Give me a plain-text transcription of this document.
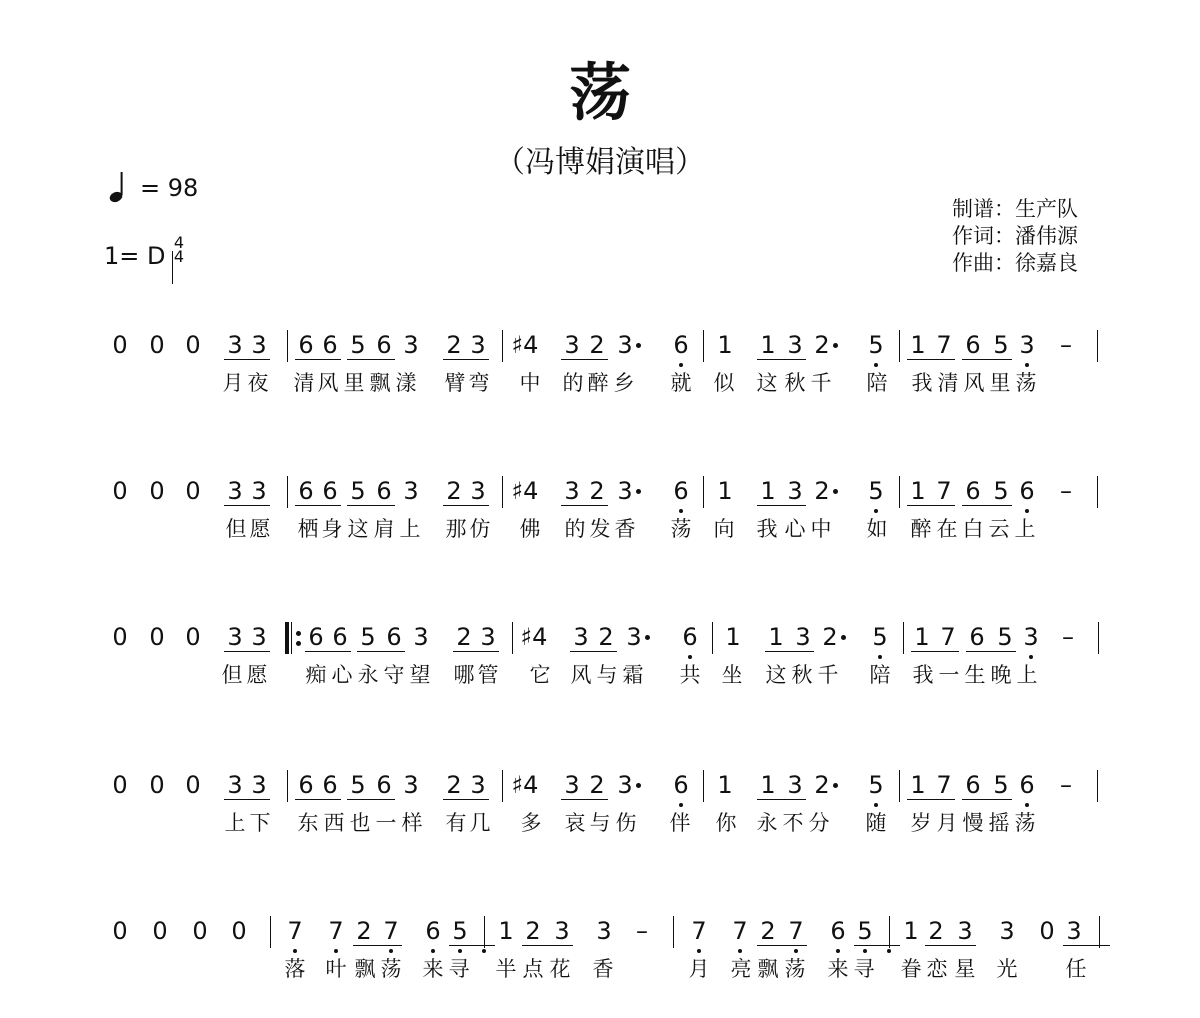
荡
（冯博娟演唱）
= 98
1= D 4
4
制谱：生产队
作词：潘伟源
作曲：徐嘉良
0 0 0 3 3 6 6 5 6 3 2 3 ♯4 3 2 3 6 1 1 3 2 5 1 7 6 5 3 –
月 夜 清 风 里 飘 漾 臂 弯 中 的 醉 乡 就 似 这 秋 千 陪 我 清 风 里 荡
0 0 0 3 3 6 6 5 6 3 2 3 ♯4 3 2 3 6 1 1 3 2 5 1 7 6 5 6 –
但 愿 栖 身 这 肩 上 那 仿 佛 的 发 香 荡 向 我 心 中 如 醉 在 白 云 上
0 0 0 3 3 6 6 5 6 3 2 3 ♯4 3 2 3 6 1 1 3 2 5 1 7 6 5 3 –
但 愿 痴 心 永 守 望 哪 管 它 风 与 霜 共 坐 这 秋 千 陪 我 一 生 晚 上
0 0 0 3 3 6 6 5 6 3 2 3 ♯4 3 2 3 6 1 1 3 2 5 1 7 6 5 6 –
上 下 东 西 也 一 样 有 几 多 哀 与 伤 伴 你 永 不 分 随 岁 月 慢 摇 荡
0 0 0 0 7 7 2 7 6 5 1 2 3 3 – 7 7 2 7 6 5 1 2 3 3 0 3
落 叶 飘 荡 来 寻 半 点 花 香	月 亮 飘 荡 来 寻 眷 恋 星 光 任
